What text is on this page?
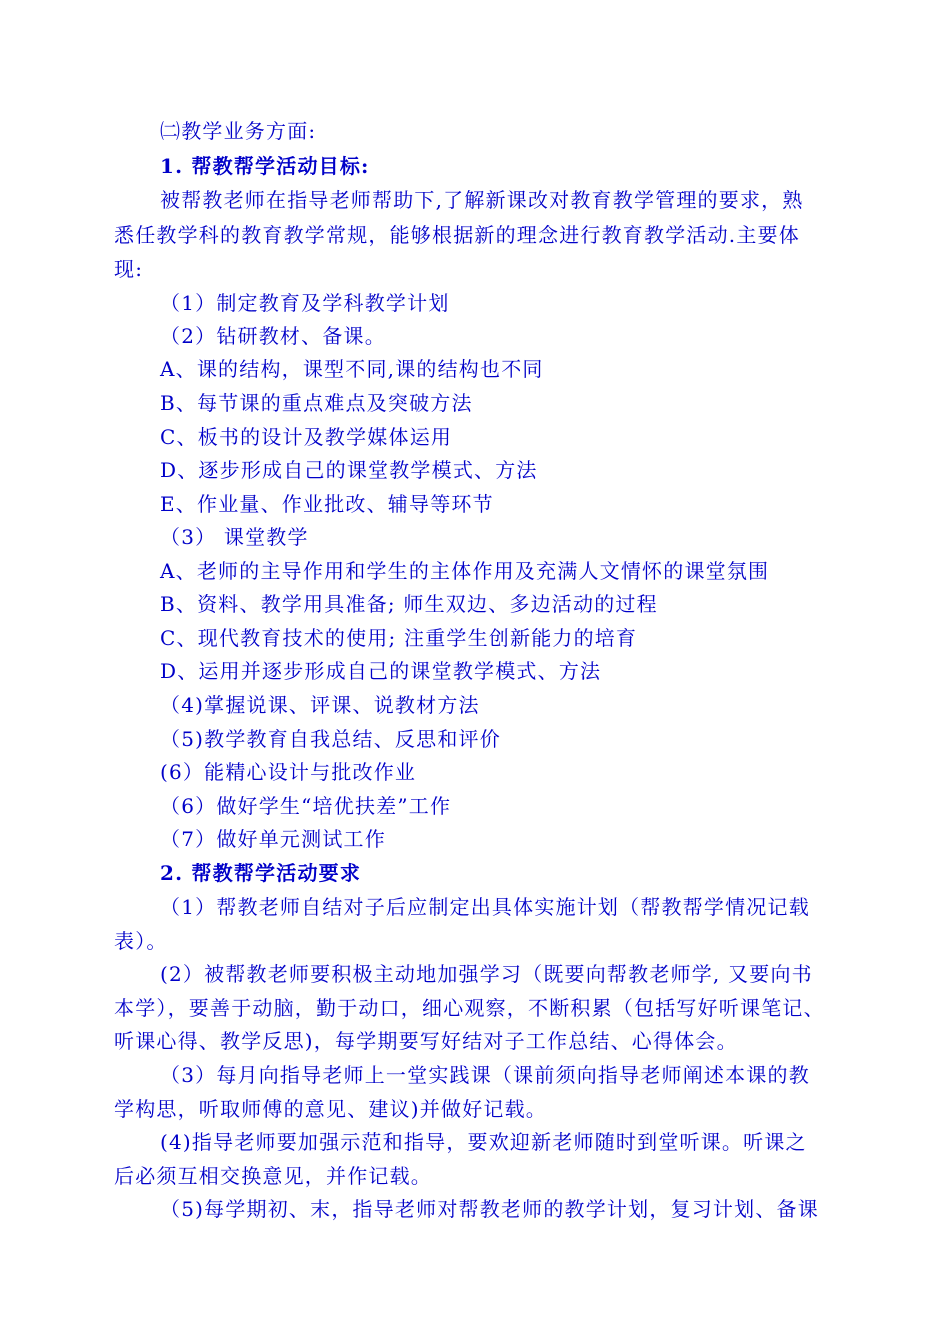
㈡教学业务方面:

1. 帮教帮学活动目标:

被帮教老师在指导老师帮助下,了解新课改对教育教学管理的要求，熟

悉任教学科的教育教学常规，能够根据新的理念进行教育教学活动.主要体

现:

（1）制定教育及学科教学计划

（2）钻研教材、备课。

A、课的结构，课型不同,课的结构也不同

B、每节课的重点难点及突破方法

C、板书的设计及教学媒体运用

D、逐步形成自己的课堂教学模式、方法

E、作业量、作业批改、辅导等环节

（3） 课堂教学

A、老师的主导作用和学生的主体作用及充满人文情怀的课堂氛围

B、资料、教学用具准备; 师生双边、多边活动的过程

C、现代教育技术的使用; 注重学生创新能力的培育

D、运用并逐步形成自己的课堂教学模式、方法

（4)掌握说课、评课、说教材方法

（5)教学教育自我总结、反思和评价

(6）能精心设计与批改作业

（6）做好学生“培优扶差”工作

（7）做好单元测试工作

2. 帮教帮学活动要求

（1）帮教老师自结对子后应制定出具体实施计划（帮教帮学情况记载

表）。

(2）被帮教老师要积极主动地加强学习（既要向帮教老师学, 又要向书

本学），要善于动脑，勤于动口，细心观察，不断积累（包括写好听课笔记、

听课心得、教学反思)，每学期要写好结对子工作总结、心得体会。

（3）每月向指导老师上一堂实践课（课前须向指导老师阐述本课的教

学构思，听取师傅的意见、建议)并做好记载。

(4)指导老师要加强示范和指导，要欢迎新老师随时到堂听课。听课之

后必须互相交换意见，并作记载。

（5)每学期初、末，指导老师对帮教老师的教学计划，复习计划、备课
